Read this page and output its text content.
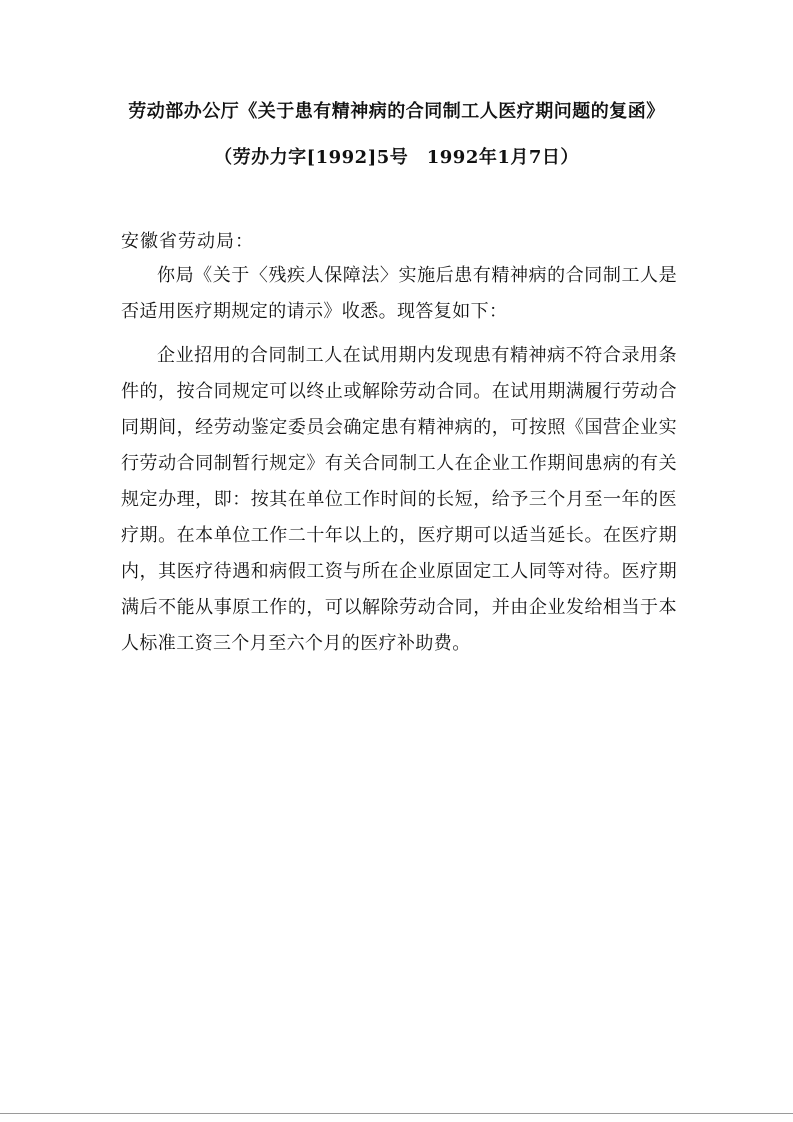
劳动部办公厅《关于患有精神病的合同制工人医疗期问题的复函》
（劳办力字[1992]5号　1992年1月7日）
安徽省劳动局：

你局《关于〈残疾人保障法〉实施后患有精神病的合同制工人是否适用医疗期规定的请示》收悉。现答复如下：

企业招用的合同制工人在试用期内发现患有精神病不符合录用条件的，按合同规定可以终止或解除劳动合同。在试用期满履行劳动合同期间，经劳动鉴定委员会确定患有精神病的，可按照《国营企业实行劳动合同制暂行规定》有关合同制工人在企业工作期间患病的有关规定办理，即：按其在单位工作时间的长短，给予三个月至一年的医疗期。在本单位工作二十年以上的，医疗期可以适当延长。在医疗期内，其医疗待遇和病假工资与所在企业原固定工人同等对待。医疗期满后不能从事原工作的，可以解除劳动合同，并由企业发给相当于本人标准工资三个月至六个月的医疗补助费。
